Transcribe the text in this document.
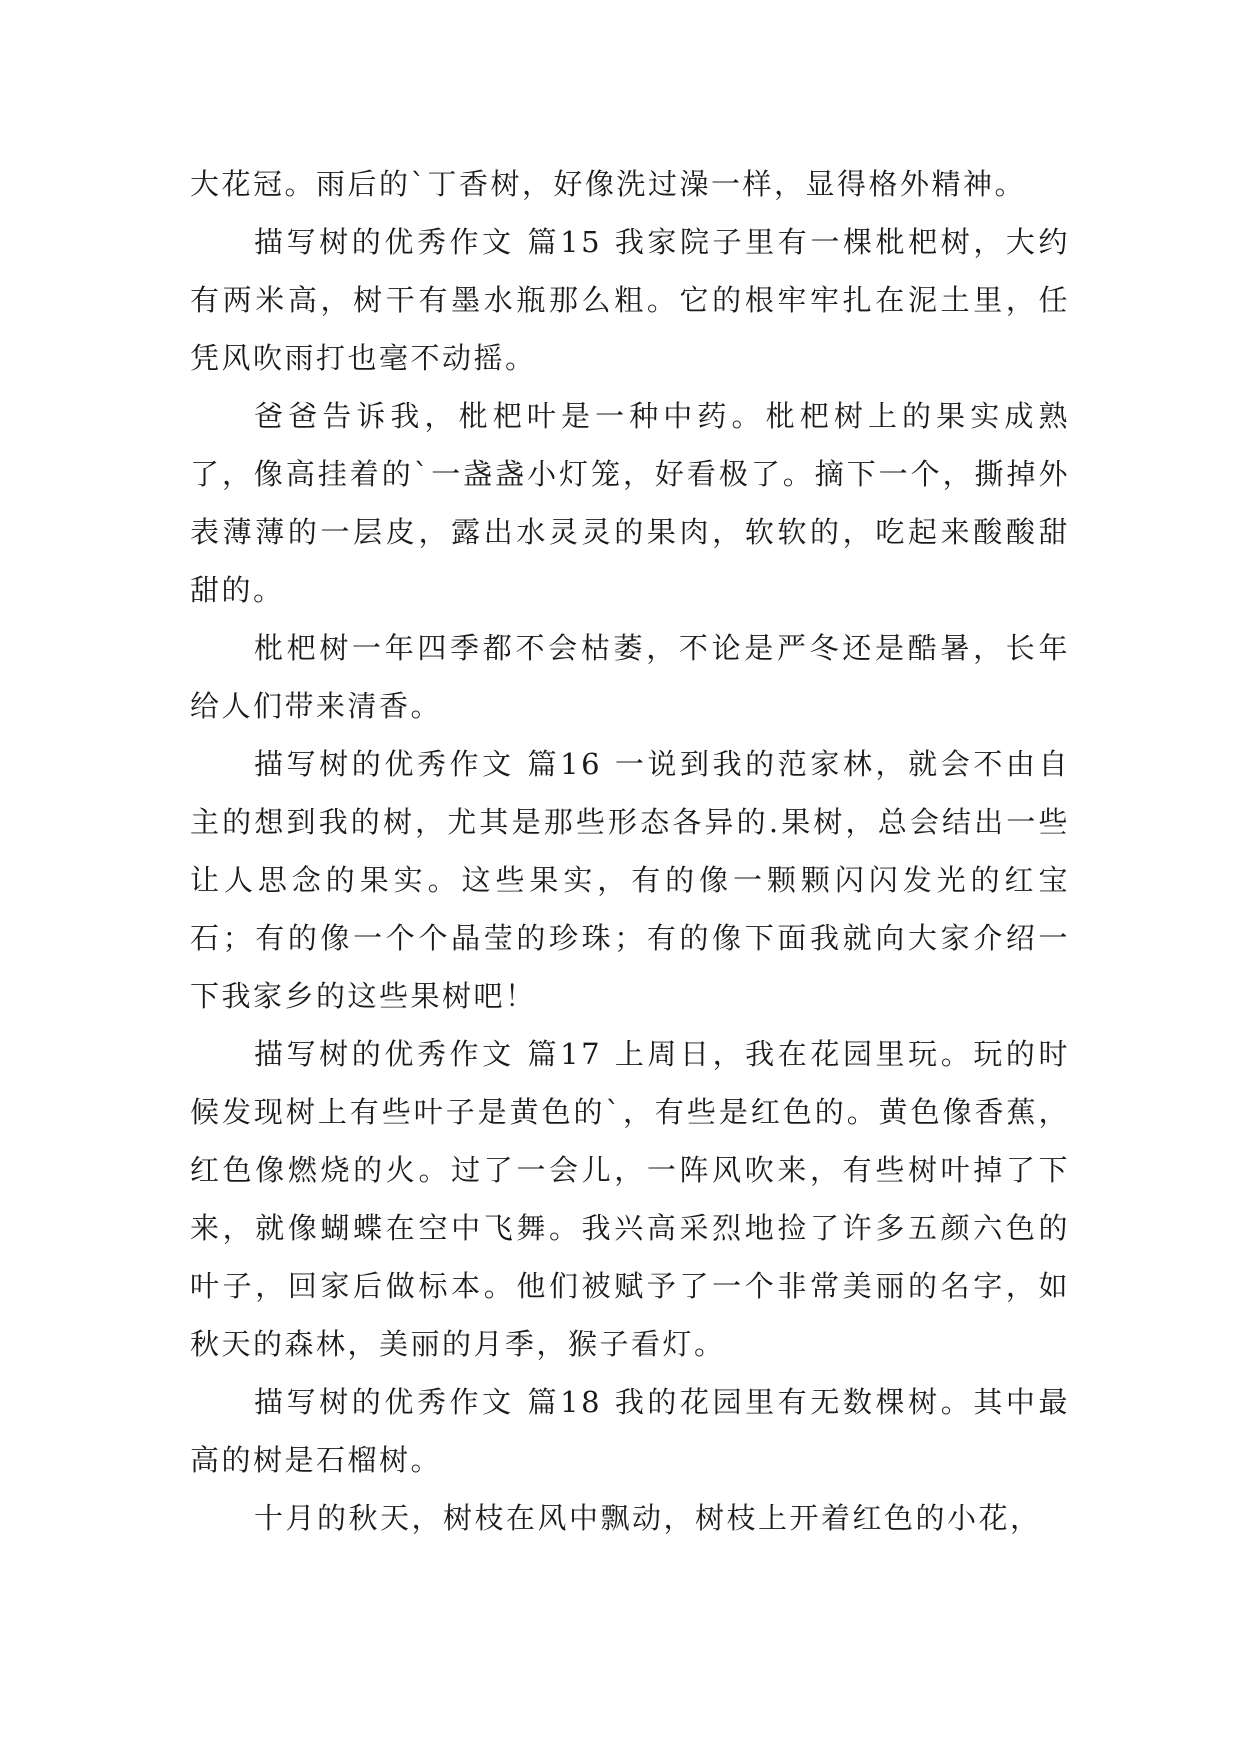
大花冠。雨后的`丁香树，好像洗过澡一样，显得格外精神。

描写树的优秀作文 篇15 我家院子里有一棵枇杷树，大约有两米高，树干有墨水瓶那么粗。它的根牢牢扎在泥土里，任凭风吹雨打也毫不动摇。

爸爸告诉我，枇杷叶是一种中药。枇杷树上的果实成熟了，像高挂着的`一盏盏小灯笼，好看极了。摘下一个，撕掉外表薄薄的一层皮，露出水灵灵的果肉，软软的，吃起来酸酸甜甜的。

枇杷树一年四季都不会枯萎，不论是严冬还是酷暑，长年给人们带来清香。

描写树的优秀作文 篇16 一说到我的范家林，就会不由自主的想到我的树，尤其是那些形态各异的.果树，总会结出一些让人思念的果实。这些果实，有的像一颗颗闪闪发光的红宝石；有的像一个个晶莹的珍珠；有的像下面我就向大家介绍一下我家乡的这些果树吧！

描写树的优秀作文 篇17 上周日，我在花园里玩。玩的时候发现树上有些叶子是黄色的`，有些是红色的。黄色像香蕉，红色像燃烧的火。过了一会儿，一阵风吹来，有些树叶掉了下来，就像蝴蝶在空中飞舞。我兴高采烈地捡了许多五颜六色的叶子，回家后做标本。他们被赋予了一个非常美丽的名字，如秋天的森林，美丽的月季，猴子看灯。

描写树的优秀作文 篇18 我的花园里有无数棵树。其中最高的树是石榴树。

十月的秋天，树枝在风中飘动，树枝上开着红色的小花，
